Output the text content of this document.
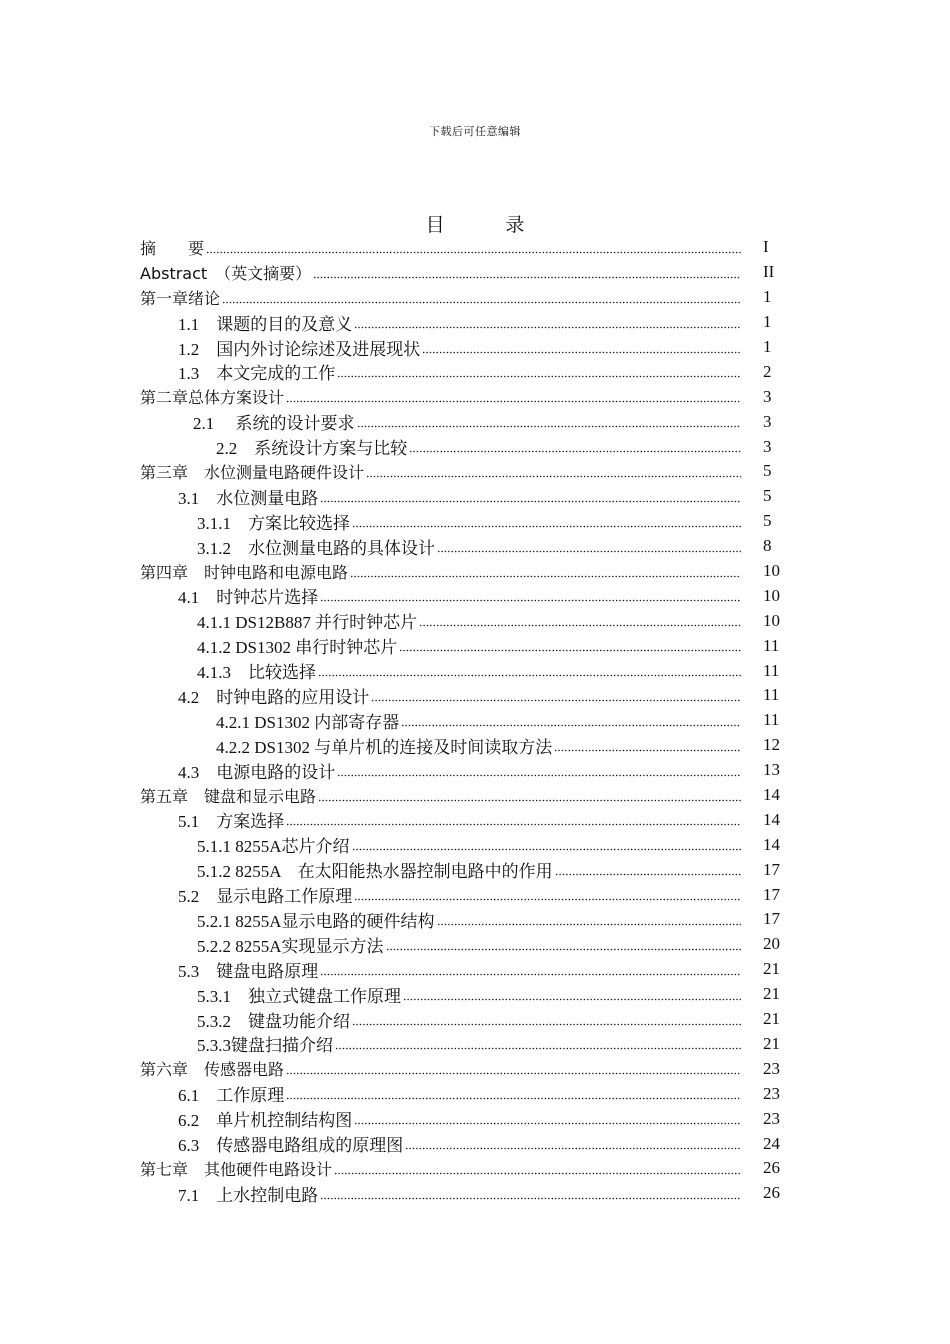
下载后可任意编辑
目	录
摘　　要	I
Abstract　（英文摘要）	II
第一章绪论	1
1.1　课题的目的及意义	1
1.2　国内外讨论综述及进展现状	1
1.3　本文完成的工作	2
第二章总体方案设计	3
2.1　 系统的设计要求	3
2.2　系统设计方案与比较	3
第三章　水位测量电路硬件设计	5
3.1　水位测量电路	5
3.1.1　方案比较选择	5
3.1.2　水位测量电路的具体设计	8
第四章　时钟电路和电源电路	10
4.1　时钟芯片选择	10
4.1.1 DS12B887 并行时钟芯片	10
4.1.2 DS1302 串行时钟芯片	11
4.1.3　比较选择	11
4.2　时钟电路的应用设计	11
4.2.1 DS1302 内部寄存器	11
4.2.2 DS1302 与单片机的连接及时间读取方法	12
4.3　电源电路的设计	13
第五章　键盘和显示电路	14
5.1　方案选择	14
5.1.1 8255A芯片介绍	14
5.1.2 8255A　在太阳能热水器控制电路中的作用	17
5.2　显示电路工作原理	17
5.2.1 8255A显示电路的硬件结构	17
5.2.2 8255A实现显示方法	20
5.3　键盘电路原理	21
5.3.1　独立式键盘工作原理	21
5.3.2　键盘功能介绍	21
5.3.3键盘扫描介绍	21
第六章　传感器电路	23
6.1　工作原理	23
6.2　单片机控制结构图	23
6.3　传感器电路组成的原理图	24
第七章　其他硬件电路设计	26
7.1　上水控制电路	26
